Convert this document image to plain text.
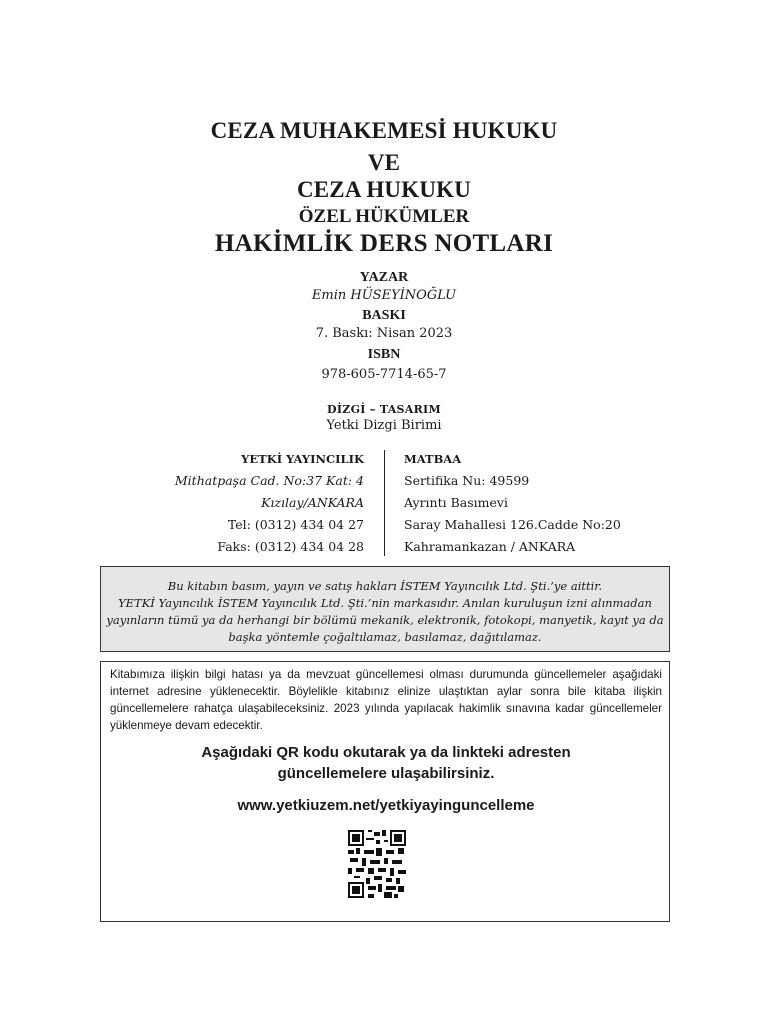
CEZA MUHAKEMESİ HUKUKU
VE
CEZA HUKUKU
ÖZEL HÜKÜMLER
HAKİMLİK DERS NOTLARI
YAZAR
Emin HÜSEYİNOĞLU
BASKI
7. Baskı: Nisan 2023
ISBN
978-605-7714-65-7
DİZGİ – TASARIM
Yetki Dizgi Birimi
YETKİ YAYINCILIK
Mithatpaşa Cad. No:37 Kat: 4
Kızılay/ANKARA
Tel: (0312) 434 04 27
Faks: (0312) 434 04 28
MATBAA
Sertifika Nu: 49599
Ayrıntı Basımevi
Saray Mahallesi 126.Cadde No:20
Kahramankazan / ANKARA
Bu kitabın basım, yayın ve satış hakları İSTEM Yayıncılık Ltd. Şti.’ye aittir.
YETKİ Yayıncılık İSTEM Yayıncılık Ltd. Şti.’nin markasıdır. Anılan kuruluşun izni alınmadan
yayınların tümü ya da herhangi bir bölümü mekanik, elektronik, fotokopi, manyetik, kayıt ya da
başka yöntemle çoğaltılamaz, basılamaz, dağıtılamaz.
Kitabımıza ilişkin bilgi hatası ya da mevzuat güncellemesi olması durumunda güncellemeler aşağıdaki internet adresine yüklenecektir. Böylelikle kitabınız elinize ulaştıktan aylar sonra bile kitaba ilişkin güncellemelere rahatça ulaşabileceksiniz. 2023 yılında yapılacak hakimlik sınavına kadar güncellemeler yüklenmeye devam edecektir.
Aşağıdaki QR kodu okutarak ya da linkteki adresten
güncellemelere ulaşabilirsiniz.
www.yetkiuzem.net/yetkiyayinguncelleme
